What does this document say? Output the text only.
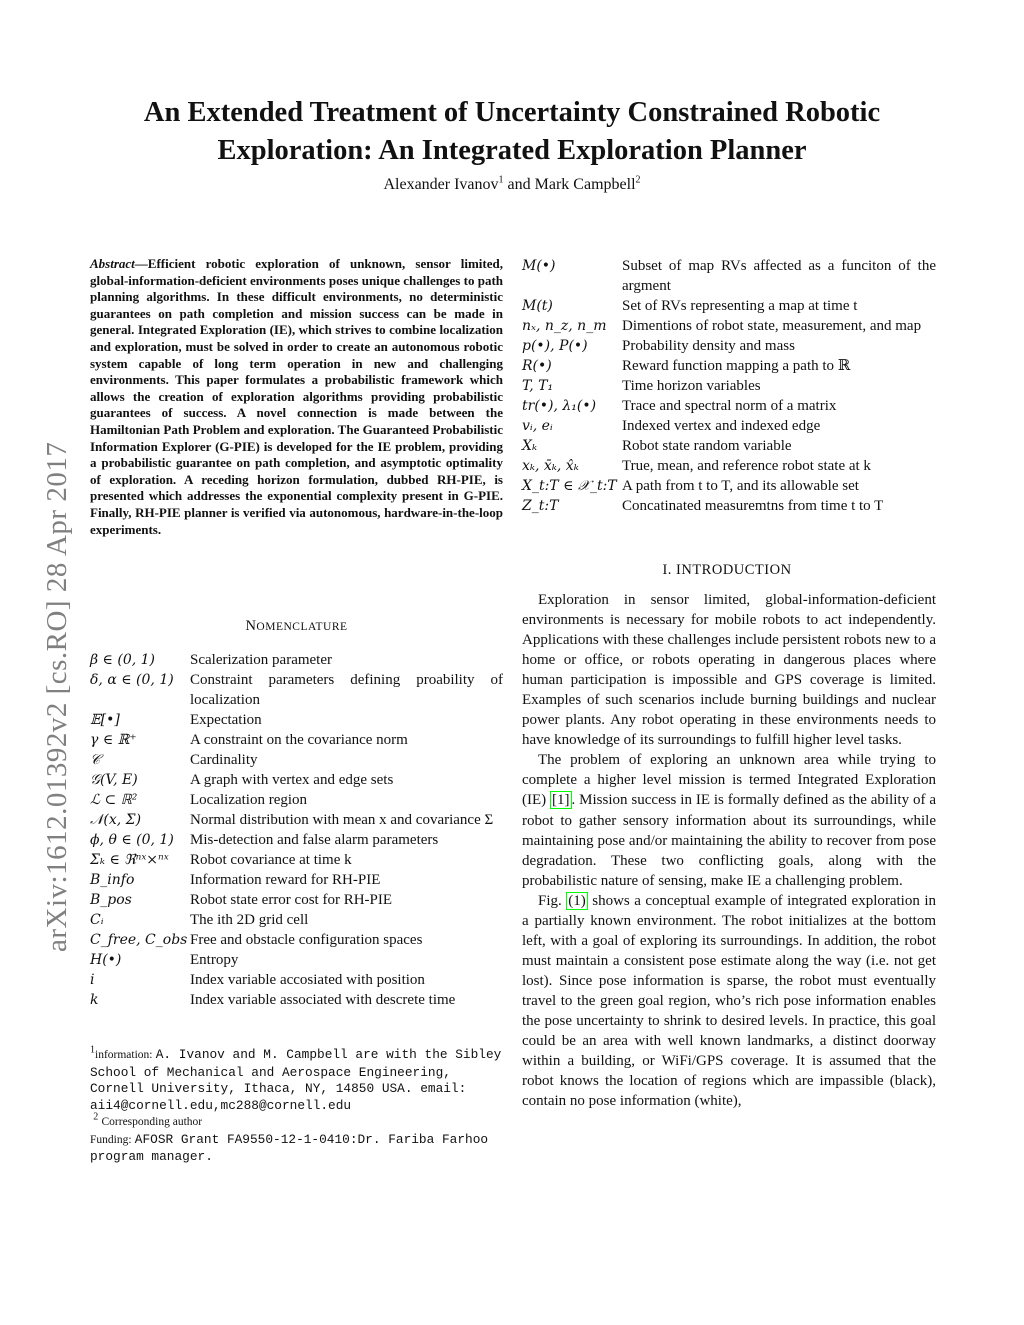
arXiv:1612.01392v2 [cs.RO] 28 Apr 2017
An Extended Treatment of Uncertainty Constrained Robotic
Exploration: An Integrated Exploration Planner
Alexander Ivanov$^1$ and Mark Campbell$^2$
Abstract—Efficient robotic exploration of unknown, sensor limited, global-information-deficient environments poses unique challenges to path planning algorithms. In these difficult environments, no deterministic guarantees on path completion and mission success can be made in general. Integrated Exploration (IE), which strives to combine localization and exploration, must be solved in order to create an autonomous robotic system capable of long term operation in new and challenging environments. This paper formulates a probabilistic framework which allows the creation of exploration algorithms providing probabilistic guarantees of success. A novel connection is made between the Hamiltonian Path Problem and exploration. The Guaranteed Probabilistic Information Explorer (G-PIE) is developed for the IE problem, providing a probabilistic guarantee on path completion, and asymptotic optimality of exploration. A receding horizon formulation, dubbed RH-PIE, is presented which addresses the exponential complexity present in G-PIE. Finally, RH-PIE planner is verified via autonomous, hardware-in-the-loop experiments.
NOMENCLATURE
β ∈ (0, 1)	Scalerization parameter
δ, α ∈ (0, 1)	Constraint parameters defining proability of localization
𝔼[•]	Expectation
γ ∈ ℝ⁺	A constraint on the covariance norm
𝒞	Cardinality
𝒢(V, E)	A graph with vertex and edge sets
ℒ ⊂ ℝ²	Localization region
𝒩(x, Σ)	Normal distribution with mean x and covariance Σ
ϕ, θ ∈ (0, 1)	Mis-detection and false alarm parameters
Σₖ ∈ ℜⁿˣ×ⁿˣ	Robot covariance at time k
B_info	Information reward for RH-PIE
B_pos	Robot state error cost for RH-PIE
Cᵢ	The ith 2D grid cell
C_free, C_obs Free and obstacle configuration spaces
H(•)	Entropy
i	Index variable accosiated with position
k	Index variable associated with descrete time
M(•)	Subset of map RVs affected as a funciton of the argment
M(t)	Set of RVs representing a map at time t
nₓ, n_z, n_m	Dimentions of robot state, measurement, and map
p(•), P(•)	Probability density and mass
R(•)	Reward function mapping a path to ℝ
T, T₁	Time horizon variables
tr(•), λ₁(•)	Trace and spectral norm of a matrix
vᵢ, eᵢ	Indexed vertex and indexed edge
Xₖ	Robot state random variable
xₖ, x̄ₖ, x̂ₖ	True, mean, and reference robot state at k
X_t:T ∈ 𝒳_t:T A path from t to T, and its allowable set
Z_t:T	Concatinated measuremtns from time t to T
I. INTRODUCTION

Exploration in sensor limited, global-information-deficient environments is necessary for mobile robots to act independently. Applications with these challenges include persistent robots new to a home or office, or robots operating in dangerous places where human participation is impossible and GPS coverage is limited. Examples of such scenarios include burning buildings and nuclear power plants. Any robot operating in these environments needs to have knowledge of its surroundings to fulfill higher level tasks.

The problem of exploring an unknown area while trying to complete a higher level mission is termed Integrated Exploration (IE) [1] . Mission success in IE is formally defined as the ability of a robot to gather sensory information about its surroundings, while maintaining pose and/or maintaining the ability to recover from pose degradation. These two conflicting goals, along with the probabilistic nature of sensing, make IE a challenging problem.

Fig. (1) shows a conceptual example of integrated exploration in a partially known environment. The robot initializes at the bottom left, with a goal of exploring its surroundings. In addition, the robot must maintain a consistent pose estimate along the way (i.e. not get lost). Since pose information is sparse, the robot must eventually travel to the green goal region, who’s rich pose information enables the pose uncertainty to shrink to desired levels. In practice, this goal could be an area with well known landmarks, a distinct doorway within a building, or WiFi/GPS coverage. It is assumed that the robot knows the location of regions which are impassible (black), contain no pose information (white),

$^1$information: A. Ivanov and M. Campbell are with the Sibley School of Mechanical and Aerospace Engineering, Cornell University, Ithaca, NY, 14850 USA. email: aii4@cornell.edu,mc288@cornell.edu
$^2$ Corresponding author
Funding: AFOSR Grant FA9550-12-1-0410:Dr. Fariba Farhoo program manager.
